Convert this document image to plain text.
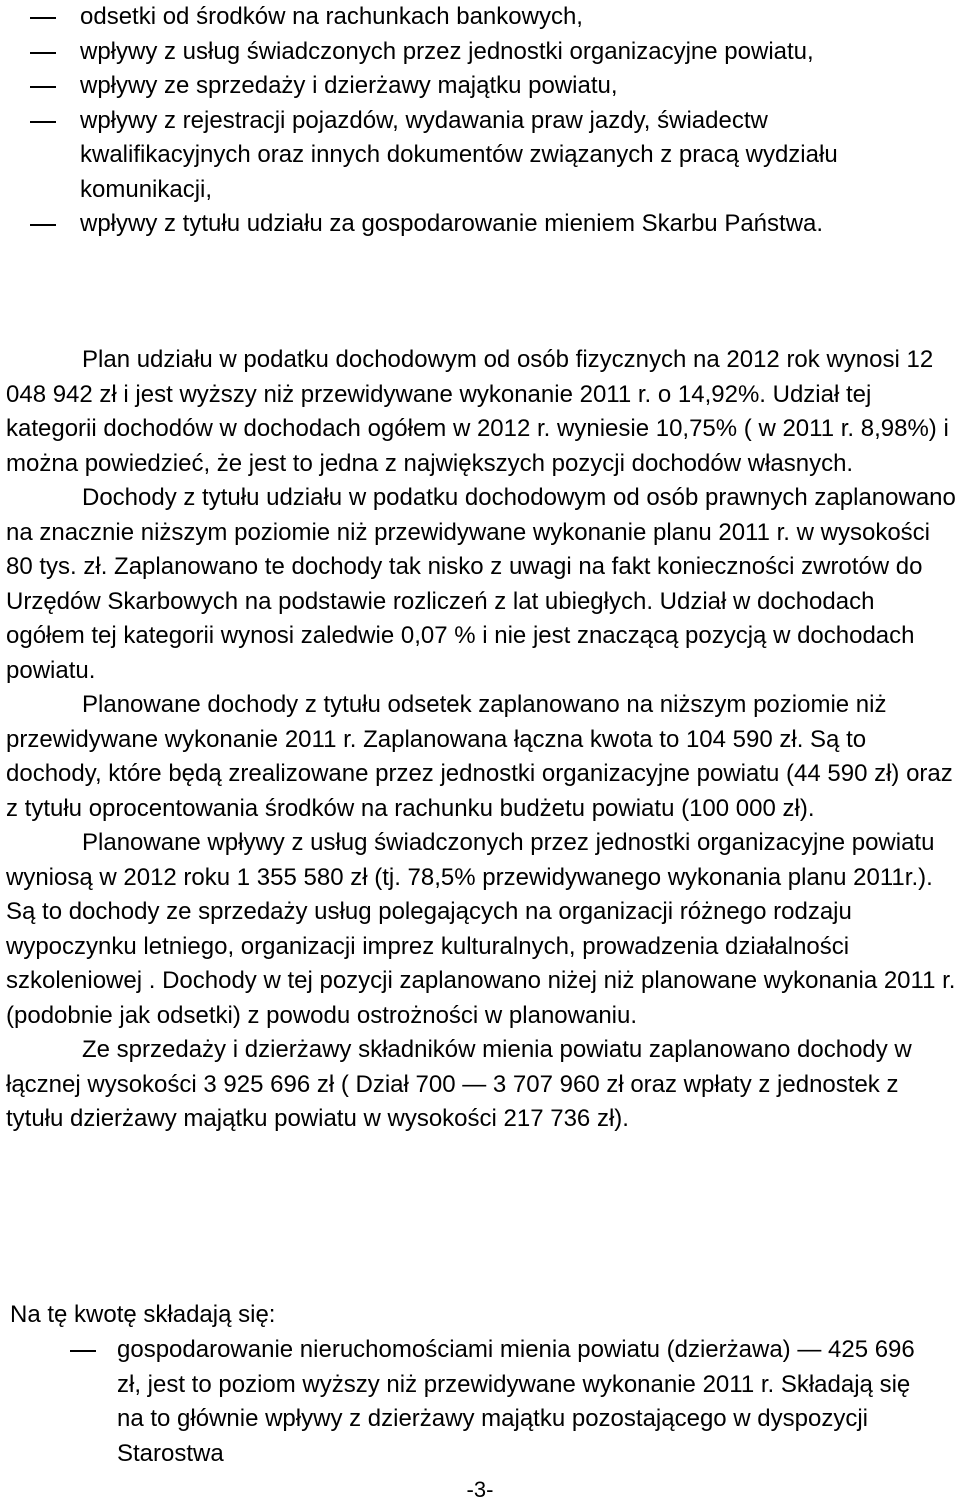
odsetki od środków na rachunkach bankowych,
wpływy z usług świadczonych przez jednostki organizacyjne powiatu,
wpływy ze sprzedaży i dzierżawy majątku powiatu,
wpływy z rejestracji pojazdów, wydawania praw jazdy, świadectw kwalifikacyjnych oraz innych dokumentów związanych z pracą wydziału komunikacji,
wpływy z tytułu udziału za gospodarowanie mieniem Skarbu Państwa.

Plan udziału w podatku dochodowym od osób fizycznych na 2012 rok wynosi 12 048 942 zł i jest wyższy niż przewidywane wykonanie 2011 r. o 14,92%. Udział tej kategorii dochodów w dochodach ogółem w 2012 r. wyniesie 10,75% ( w 2011 r. 8,98%) i można powiedzieć, że jest to jedna z największych pozycji dochodów własnych.

Dochody z tytułu udziału w podatku dochodowym od osób prawnych zaplanowano na znacznie niższym poziomie niż przewidywane wykonanie planu 2011 r. w wysokości 80 tys. zł. Zaplanowano te dochody tak nisko z uwagi na fakt konieczności zwrotów do Urzędów Skarbowych na podstawie rozliczeń z lat ubiegłych. Udział w dochodach ogółem tej kategorii wynosi zaledwie 0,07 % i nie jest znaczącą pozycją w dochodach powiatu.

Planowane dochody z tytułu odsetek zaplanowano na niższym poziomie niż przewidywane wykonanie 2011 r. Zaplanowana łączna kwota to 104 590 zł. Są to dochody, które będą zrealizowane przez jednostki organizacyjne powiatu (44 590 zł) oraz z tytułu oprocentowania środków na rachunku budżetu powiatu (100 000 zł).

Planowane wpływy z usług świadczonych przez jednostki organizacyjne powiatu wyniosą w 2012 roku 1 355 580 zł (tj. 78,5% przewidywanego wykonania planu 2011r.). Są to dochody ze sprzedaży usług polegających na organizacji różnego rodzaju wypoczynku letniego, organizacji imprez kulturalnych, prowadzenia działalności szkoleniowej . Dochody w tej pozycji zaplanowano niżej niż planowane wykonania 2011 r. (podobnie jak odsetki) z powodu ostrożności w planowaniu.

Ze sprzedaży i dzierżawy składników mienia powiatu zaplanowano dochody w łącznej wysokości 3 925 696 zł ( Dział 700 — 3 707 960 zł oraz wpłaty z jednostek z tytułu dzierżawy majątku powiatu w wysokości 217 736 zł).

Na tę kwotę składają się:
gospodarowanie nieruchomościami mienia powiatu (dzierżawa) — 425 696 zł, jest to poziom wyższy niż przewidywane wykonanie 2011 r. Składają się na to głównie wpływy z dzierżawy majątku pozostającego w dyspozycji Starostwa
-3-
